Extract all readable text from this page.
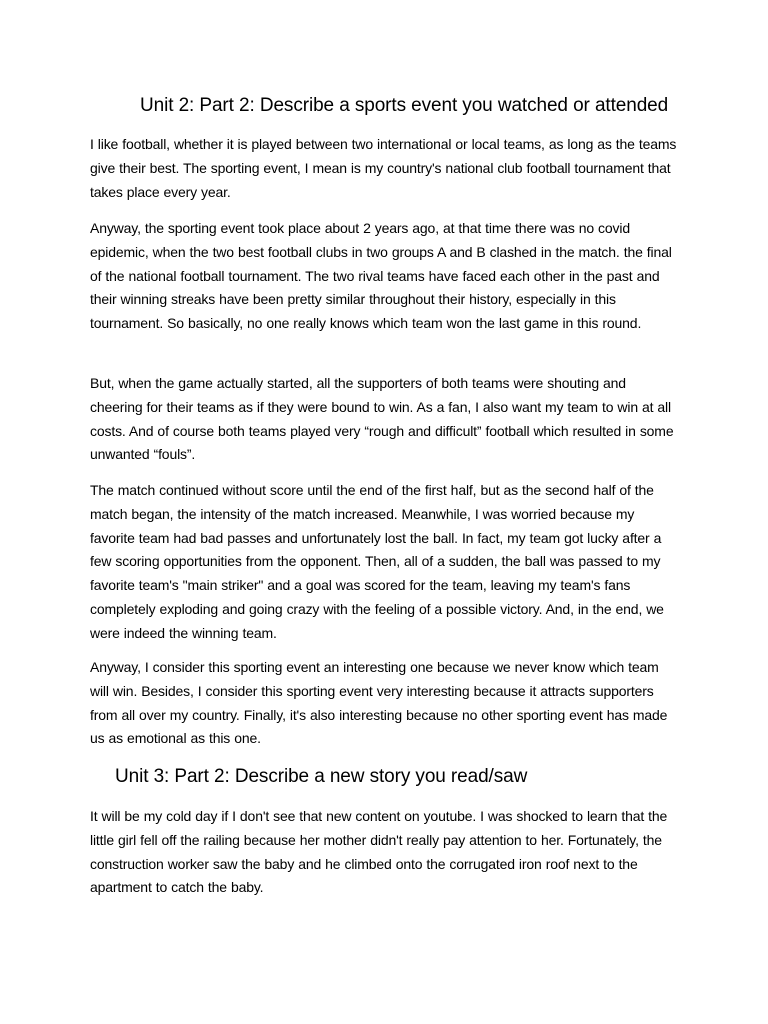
Unit 2: Part 2: Describe a sports event you watched or attended

I like football, whether it is played between two international or local teams, as long as the teams give their best. The sporting event, I mean is my country's national club football tournament that takes place every year.

Anyway, the sporting event took place about 2 years ago, at that time there was no covid epidemic, when the two best football clubs in two groups A and B clashed in the match. the final of the national football tournament. The two rival teams have faced each other in the past and their winning streaks have been pretty similar throughout their history, especially in this tournament. So basically, no one really knows which team won the last game in this round.

But, when the game actually started, all the supporters of both teams were shouting and cheering for their teams as if they were bound to win. As a fan, I also want my team to win at all costs. And of course both teams played very “rough and difficult” football which resulted in some unwanted “fouls”.

The match continued without score until the end of the first half, but as the second half of the match began, the intensity of the match increased. Meanwhile, I was worried because my favorite team had bad passes and unfortunately lost the ball. In fact, my team got lucky after a few scoring opportunities from the opponent. Then, all of a sudden, the ball was passed to my favorite team's "main striker" and a goal was scored for the team, leaving my team's fans completely exploding and going crazy with the feeling of a possible victory. And, in the end, we were indeed the winning team.

Anyway, I consider this sporting event an interesting one because we never know which team will win. Besides, I consider this sporting event very interesting because it attracts supporters from all over my country. Finally, it's also interesting because no other sporting event has made us as emotional as this one.

Unit 3: Part 2: Describe a new story you read/saw

It will be my cold day if I don't see that new content on youtube. I was shocked to learn that the little girl fell off the railing because her mother didn't really pay attention to her. Fortunately, the construction worker saw the baby and he climbed onto the corrugated iron roof next to the apartment to catch the baby.
